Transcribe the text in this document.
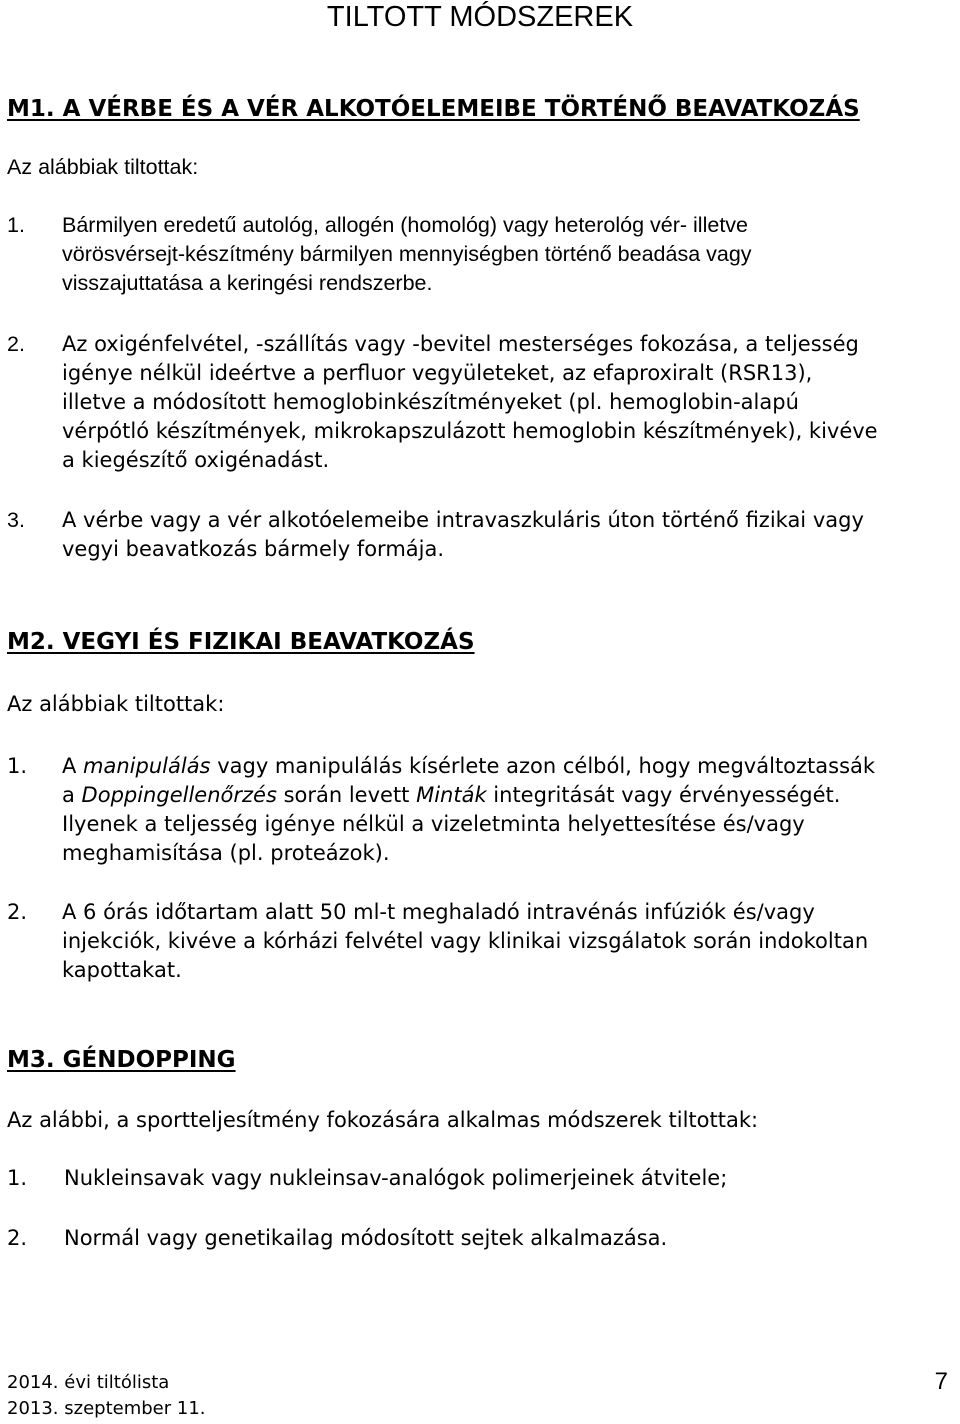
TILTOTT MÓDSZEREK
M1. A VÉRBE ÉS A VÉR ALKOTÓELEMEIBE TÖRTÉNŐ BEAVATKOZÁS
Az alábbiak tiltottak:
1. Bármilyen eredetű autológ, allogén (homológ) vagy heterológ vér- illetve
vörösvérsejt-készítmény bármilyen mennyiségben történő beadása vagy
visszajuttatása a keringési rendszerbe.
2. Az oxigénfelvétel, -szállítás vagy -bevitel mesterséges fokozása, a teljesség
igénye nélkül ideértve a perfluor vegyületeket, az efaproxiralt (RSR13),
illetve a módosított hemoglobinkészítményeket (pl. hemoglobin-alapú
vérpótló készítmények, mikrokapszulázott hemoglobin készítmények), kivéve
a kiegészítő oxigénadást.
3. A vérbe vagy a vér alkotóelemeibe intravaszkuláris úton történő fizikai vagy
vegyi beavatkozás bármely formája.
M2. VEGYI ÉS FIZIKAI BEAVATKOZÁS
Az alábbiak tiltottak:
1. A manipulálás vagy manipulálás kísérlete azon célból, hogy megváltoztassák
a Doppingellenőrzés során levett Minták integritását vagy érvényességét.
Ilyenek a teljesség igénye nélkül a vizeletminta helyettesítése és/vagy
meghamisítása (pl. proteázok).
2. A 6 órás időtartam alatt 50 ml-t meghaladó intravénás infúziók és/vagy
injekciók, kivéve a kórházi felvétel vagy klinikai vizsgálatok során indokoltan
kapottakat.
M3. GÉNDOPPING
Az alábbi, a sportteljesítmény fokozására alkalmas módszerek tiltottak:
1. Nukleinsavak vagy nukleinsav-analógok polimerjeinek átvitele;
2. Normál vagy genetikailag módosított sejtek alkalmazása.
2014. évi tiltólista
2013. szeptember 11.
7
